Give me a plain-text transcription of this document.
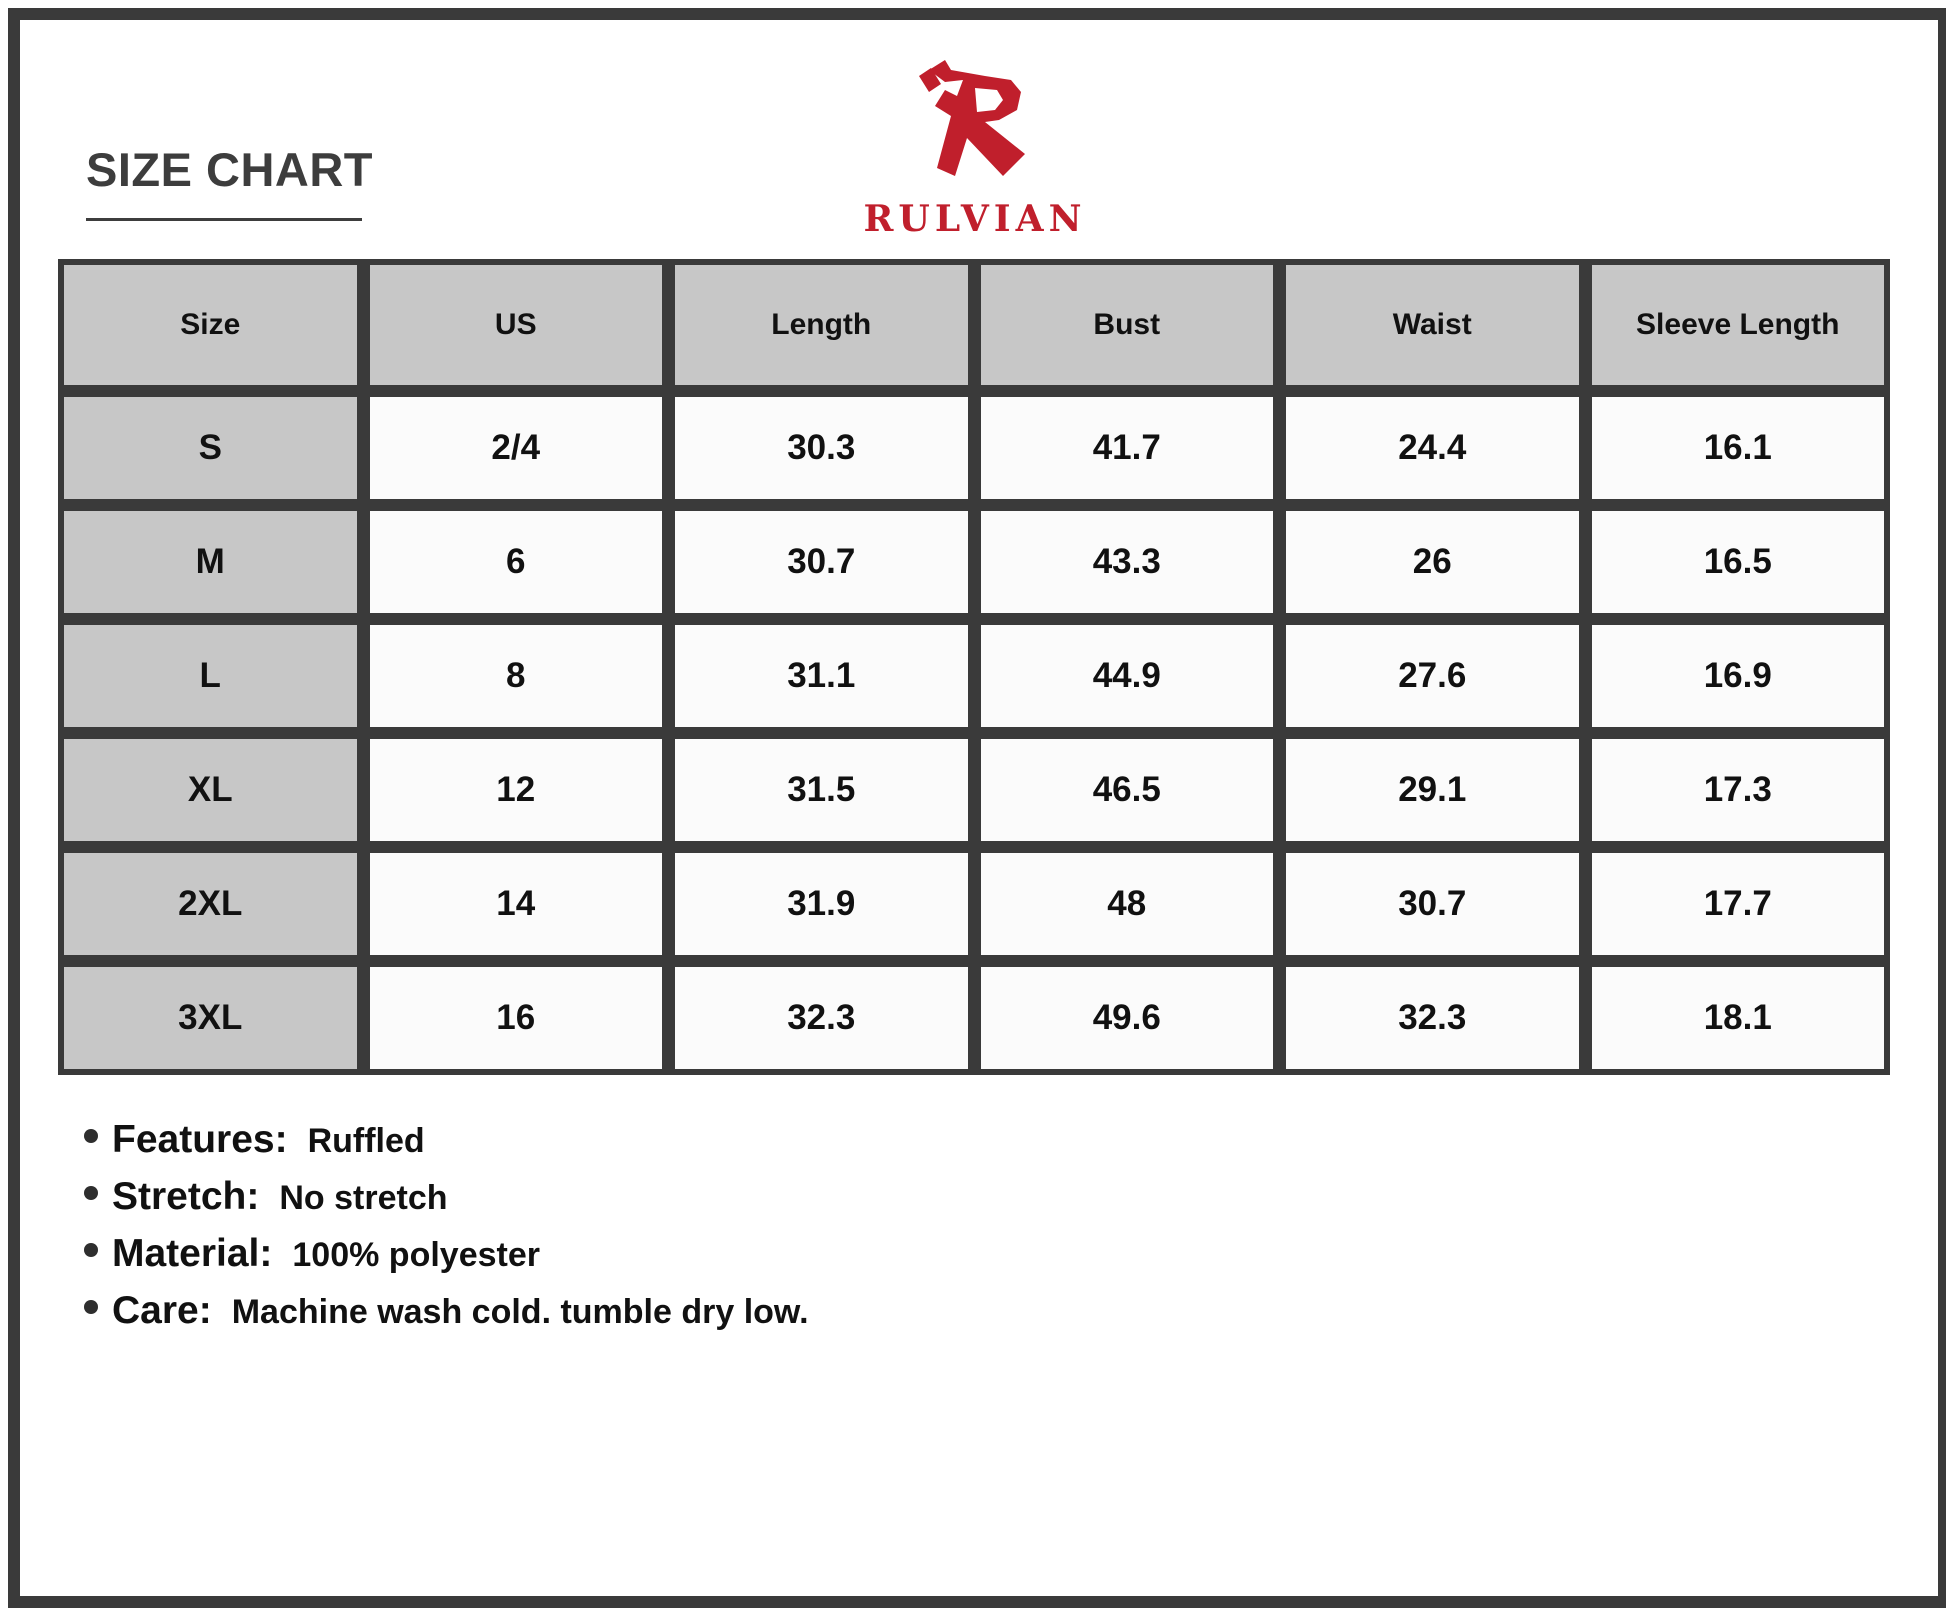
SIZE CHART
RULVIAN
Size	US	Length	Bust	Waist	Sleeve Length
S	2/4	30.3	41.7	24.4	16.1
M	6	30.7	43.3	26	16.5
L	8	31.1	44.9	27.6	16.9
XL	12	31.5	46.5	29.1	17.3
2XL	14	31.9	48	30.7	17.7
3XL	16	32.3	49.6	32.3	18.1
Features: Ruffled
Stretch: No stretch
Material: 100% polyester
Care: Machine wash cold. tumble dry low.
